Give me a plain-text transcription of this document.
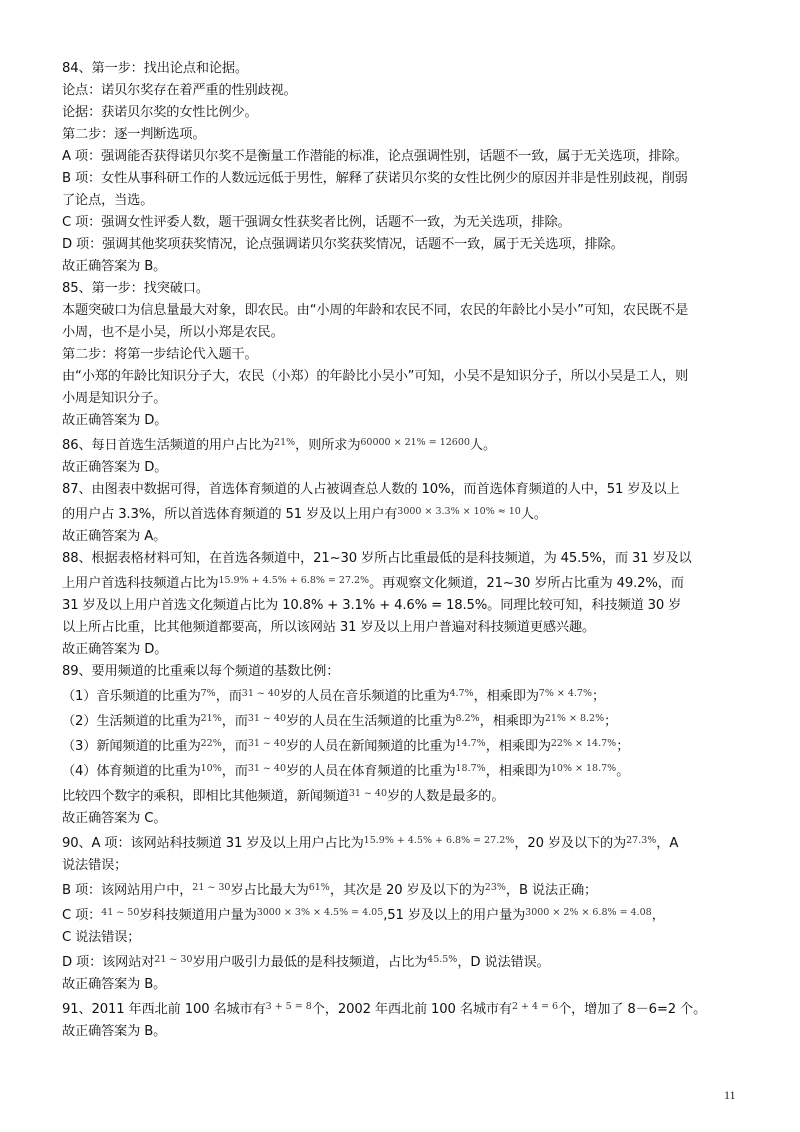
84、第一步：找出论点和论据。
论点：诺贝尔奖存在着严重的性别歧视。
论据：获诺贝尔奖的女性比例少。
第二步：逐一判断选项。
A 项：强调能否获得诺贝尔奖不是衡量工作潜能的标准，论点强调性别，话题不一致，属于无关选项，排除。
B 项：女性从事科研工作的人数远远低于男性，解释了获诺贝尔奖的女性比例少的原因并非是性别歧视，削弱
了论点，当选。
C 项：强调女性评委人数，题干强调女性获奖者比例，话题不一致，为无关选项，排除。
D 项：强调其他奖项获奖情况，论点强调诺贝尔奖获奖情况，话题不一致，属于无关选项，排除。
故正确答案为 B。
85、第一步：找突破口。
本题突破口为信息量最大对象，即农民。由“小周的年龄和农民不同，农民的年龄比小吴小”可知，农民既不是
小周，也不是小吴，所以小郑是农民。
第二步：将第一步结论代入题干。
由“小郑的年龄比知识分子大，农民（小郑）的年龄比小吴小”可知，小吴不是知识分子，所以小吴是工人，则
小周是知识分子。
故正确答案为 D。
86、每日首选生活频道的用户占比为$^{21\%}$，则所求为$^{60000 \times 21\% = 12600}$人。
故正确答案为 D。
87、由图表中数据可得，首选体育频道的人占被调查总人数的 10%，而首选体育频道的人中，51 岁及以上
的用户占 3.3%，所以首选体育频道的 51 岁及以上用户有$^{3000 \times 3.3\% \times 10\% \approx 10}$人。
故正确答案为 A。
88、根据表格材料可知，在首选各频道中，21~30 岁所占比重最低的是科技频道，为 45.5%，而 31 岁及以
上用户首选科技频道占比为$^{15.9\% + 4.5\% + 6.8\% = 27.2\%}$。再观察文化频道，21~30 岁所占比重为 49.2%，而
31 岁及以上用户首选文化频道占比为 10.8% + 3.1% + 4.6% = 18.5%。同理比较可知，科技频道 30 岁
以上所占比重，比其他频道都要高，所以该网站 31 岁及以上用户普遍对科技频道更感兴趣。
故正确答案为 D。
89、要用频道的比重乘以每个频道的基数比例：
（1）音乐频道的比重为$^{7\%}$，而$^{31 \sim 40}$岁的人员在音乐频道的比重为$^{4.7\%}$，相乘即为$^{7\% \times 4.7\%}$；
（2）生活频道的比重为$^{21\%}$，而$^{31 \sim 40}$岁的人员在生活频道的比重为$^{8.2\%}$，相乘即为$^{21\% \times 8.2\%}$；
（3）新闻频道的比重为$^{22\%}$，而$^{31 \sim 40}$岁的人员在新闻频道的比重为$^{14.7\%}$，相乘即为$^{22\% \times 14.7\%}$；
（4）体育频道的比重为$^{10\%}$，而$^{31 \sim 40}$岁的人员在体育频道的比重为$^{18.7\%}$，相乘即为$^{10\% \times 18.7\%}$。
比较四个数字的乘积，即相比其他频道，新闻频道$^{31 \sim 40}$岁的人数是最多的。
故正确答案为 C。
90、A 项：该网站科技频道 31 岁及以上用户占比为$^{15.9\% + 4.5\% + 6.8\% = 27.2\%}$，20 岁及以下的为$^{27.3\%}$，A
说法错误；
B 项：该网站用户中，$^{21 \sim 30}$岁占比最大为$^{61\%}$，其次是 20 岁及以下的为$^{23\%}$，B 说法正确；
C 项：$^{41 \sim 50}$岁科技频道用户量为$^{3000 \times 3\% \times 4.5\% = 4.05}$,51 岁及以上的用户量为$^{3000 \times 2\% \times 6.8\% = 4.08}$，
C 说法错误；
D 项：该网站对$^{21 \sim 30}$岁用户吸引力最低的是科技频道，占比为$^{45.5\%}$，D 说法错误。
故正确答案为 B。
91、2011 年西北前 100 名城市有$^{3 + 5 = 8}$个，2002 年西北前 100 名城市有$^{2 + 4 = 6}$个，增加了 8－6=2 个。
故正确答案为 B。
11
